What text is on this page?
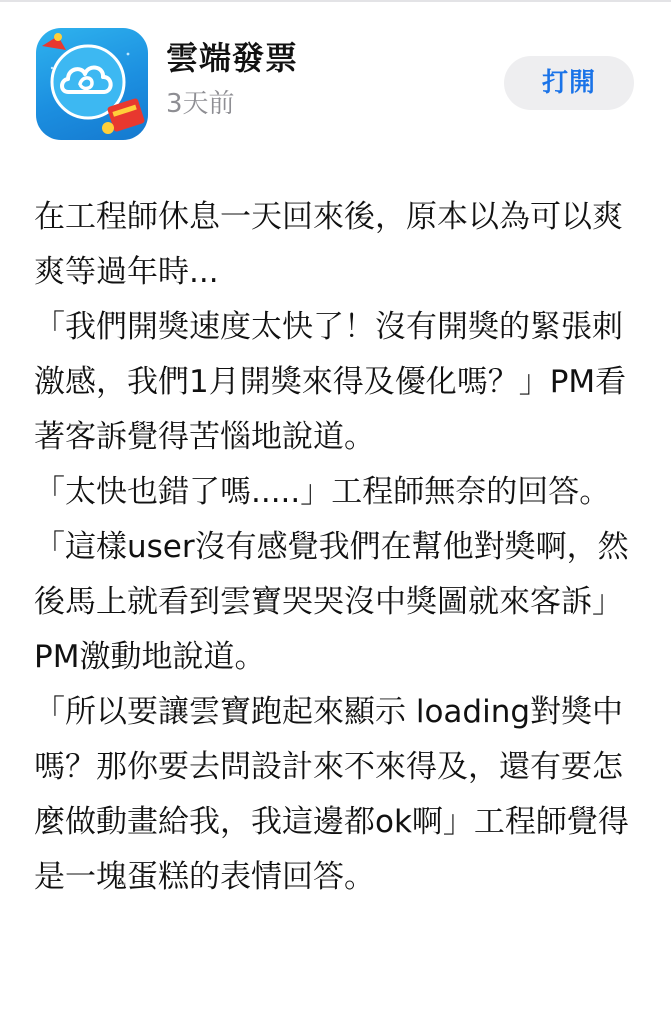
雲端發票
3天前
打開

在工程師休息一天回來後，原本以為可以爽爽等過年時...

「我們開獎速度太快了！沒有開獎的緊張刺激感，我們1月開獎來得及優化嗎？」PM看著客訴覺得苦惱地說道。

「太快也錯了嗎.....」工程師無奈的回答。

「這樣user沒有感覺我們在幫他對獎啊，然後馬上就看到雲寶哭哭沒中獎圖就來客訴」PM激動地說道。

「所以要讓雲寶跑起來顯示 loading對獎中嗎？那你要去問設計來不來得及，還有要怎麼做動畫給我，我這邊都ok啊」工程師覺得是一塊蛋糕的表情回答。
